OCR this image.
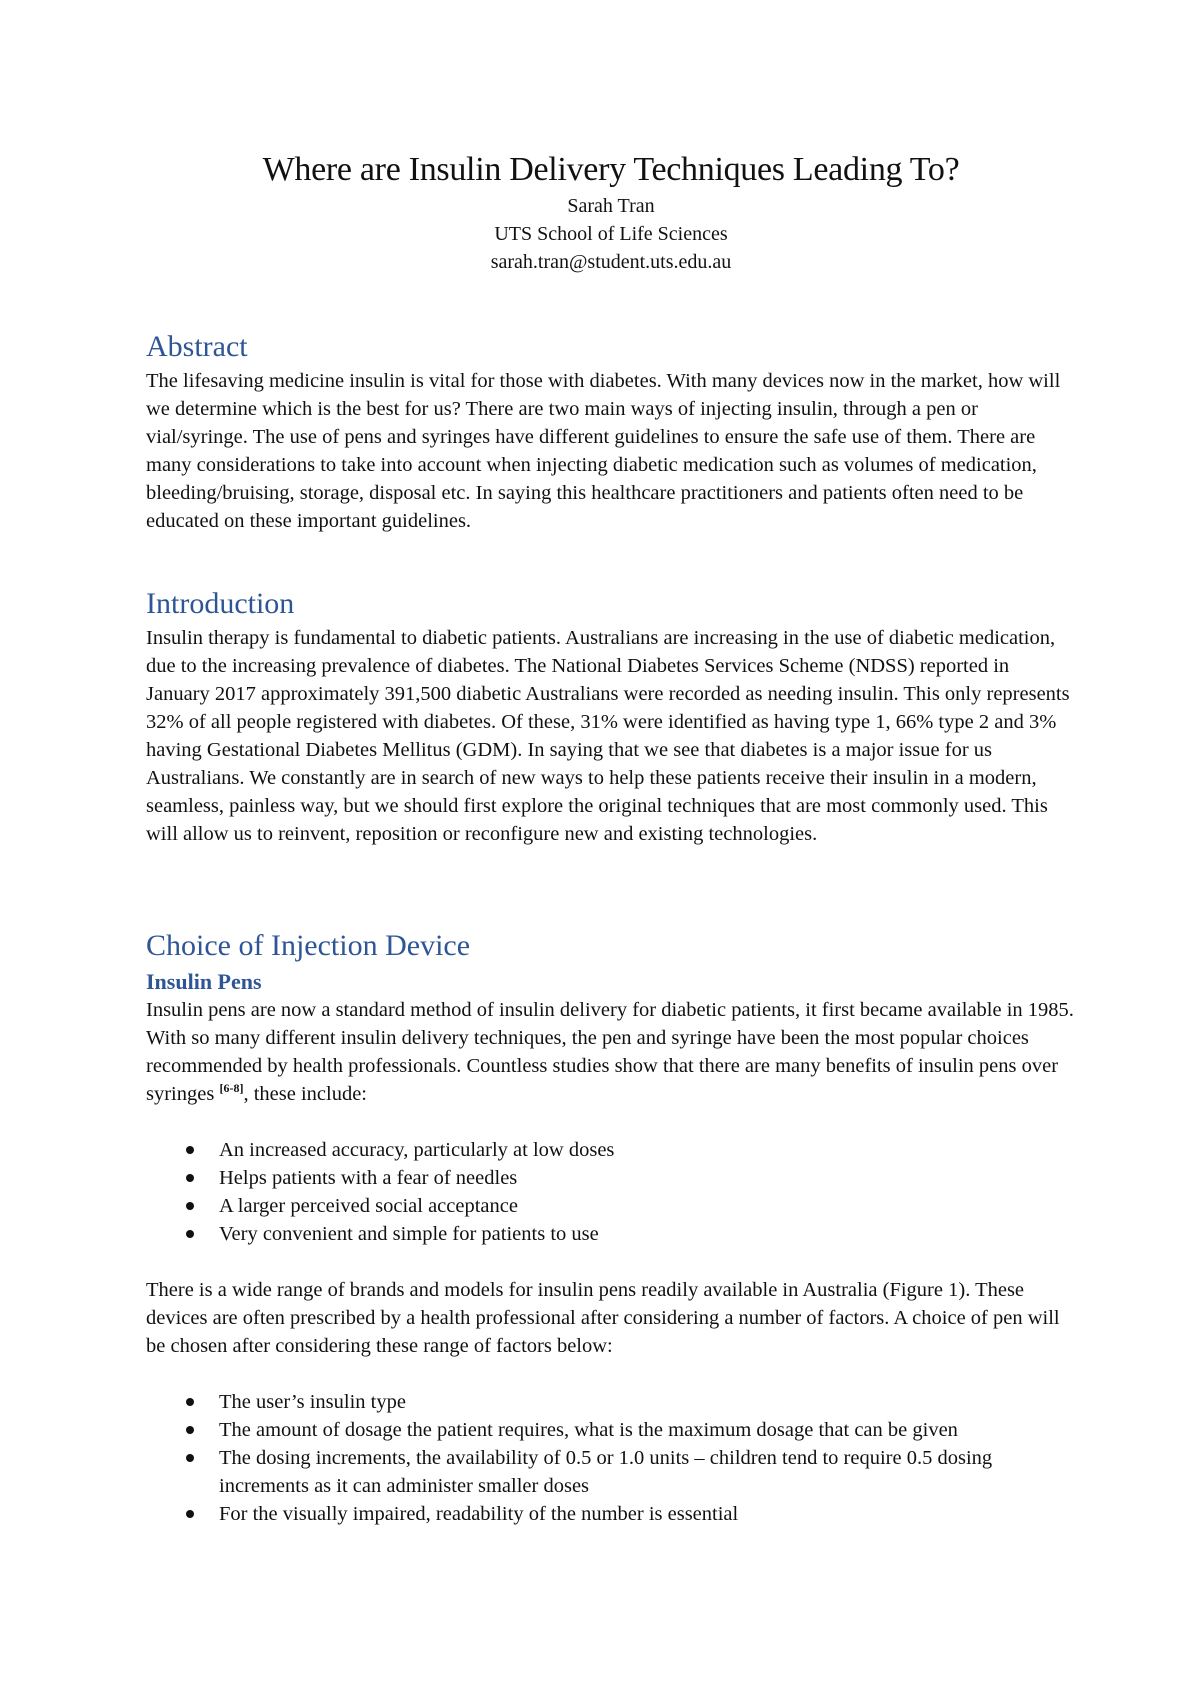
Where are Insulin Delivery Techniques Leading To?

Sarah Tran

UTS School of Life Sciences

sarah.tran@student.uts.edu.au

Abstract

The lifesaving medicine insulin is vital for those with diabetes. With many devices now in the market, how will we determine which is the best for us? There are two main ways of injecting insulin, through a pen or vial/syringe. The use of pens and syringes have different guidelines to ensure the safe use of them. There are many considerations to take into account when injecting diabetic medication such as volumes of medication, bleeding/bruising, storage, disposal etc. In saying this healthcare practitioners and patients often need to be educated on these important guidelines.

Introduction

Insulin therapy is fundamental to diabetic patients. Australians are increasing in the use of diabetic medication, due to the increasing prevalence of diabetes. The National Diabetes Services Scheme (NDSS) reported in January 2017 approximately 391,500 diabetic Australians were recorded as needing insulin. This only represents 32% of all people registered with diabetes. Of these, 31% were identified as having type 1, 66% type 2 and 3% having Gestational Diabetes Mellitus (GDM). In saying that we see that diabetes is a major issue for us Australians. We constantly are in search of new ways to help these patients receive their insulin in a modern, seamless, painless way, but we should first explore the original techniques that are most commonly used. This will allow us to reinvent, reposition or reconfigure new and existing technologies.

Choice of Injection Device
Insulin Pens

Insulin pens are now a standard method of insulin delivery for diabetic patients, it first became available in 1985. With so many different insulin delivery techniques, the pen and syringe have been the most popular choices recommended by health professionals. Countless studies show that there are many benefits of insulin pens over syringes [6-8], these include:

An increased accuracy, particularly at low doses
Helps patients with a fear of needles
A larger perceived social acceptance
Very convenient and simple for patients to use

There is a wide range of brands and models for insulin pens readily available in Australia (Figure 1). These devices are often prescribed by a health professional after considering a number of factors. A choice of pen will be chosen after considering these range of factors below:

The user’s insulin type
The amount of dosage the patient requires, what is the maximum dosage that can be given
The dosing increments, the availability of 0.5 or 1.0 units – children tend to require 0.5 dosing increments as it can administer smaller doses
For the visually impaired, readability of the number is essential
